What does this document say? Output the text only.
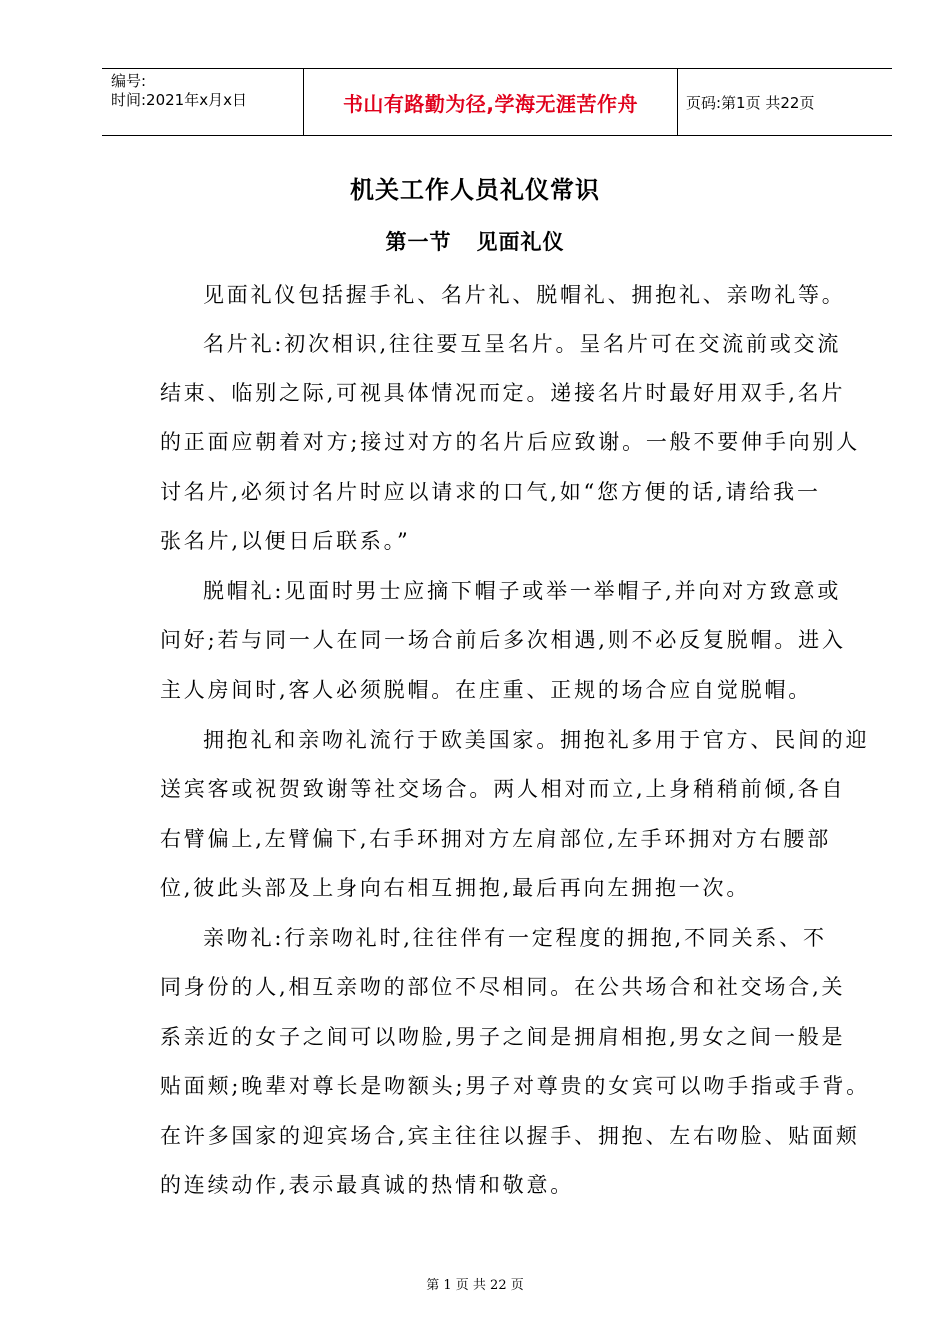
编号:
时间:2021年x月x日	书山有路勤为径,学海无涯苦作舟	页码:第1页 共22页
机关工作人员礼仪常识
第一节   见面礼仪
见面礼仪包括握手礼、名片礼、脱帽礼、拥抱礼、亲吻礼等。
名片礼:初次相识,往往要互呈名片。呈名片可在交流前或交流
结束、临别之际,可视具体情况而定。递接名片时最好用双手,名片
的正面应朝着对方;接过对方的名片后应致谢。一般不要伸手向别人
讨名片,必须讨名片时应以请求的口气,如“您方便的话,请给我一
张名片,以便日后联系。”
脱帽礼:见面时男士应摘下帽子或举一举帽子,并向对方致意或
问好;若与同一人在同一场合前后多次相遇,则不必反复脱帽。进入
主人房间时,客人必须脱帽。在庄重、正规的场合应自觉脱帽。
拥抱礼和亲吻礼流行于欧美国家。拥抱礼多用于官方、民间的迎
送宾客或祝贺致谢等社交场合。两人相对而立,上身稍稍前倾,各自
右臂偏上,左臂偏下,右手环拥对方左肩部位,左手环拥对方右腰部
位,彼此头部及上身向右相互拥抱,最后再向左拥抱一次。
亲吻礼:行亲吻礼时,往往伴有一定程度的拥抱,不同关系、不
同身份的人,相互亲吻的部位不尽相同。在公共场合和社交场合,关
系亲近的女子之间可以吻脸,男子之间是拥肩相抱,男女之间一般是
贴面颊;晚辈对尊长是吻额头;男子对尊贵的女宾可以吻手指或手背。
在许多国家的迎宾场合,宾主往往以握手、拥抱、左右吻脸、贴面颊
的连续动作,表示最真诚的热情和敬意。
第 1 页 共 22 页
